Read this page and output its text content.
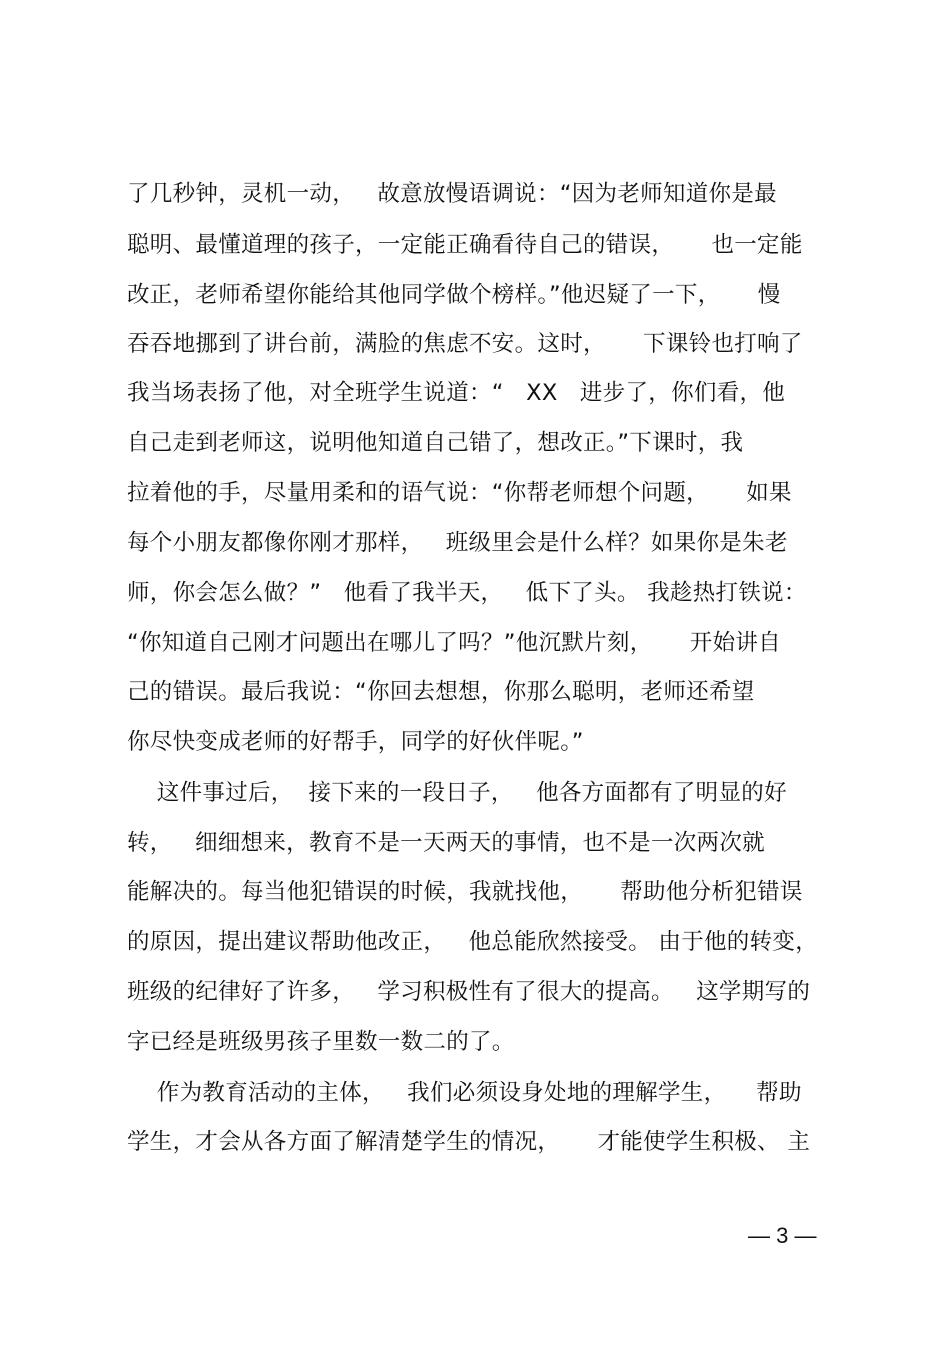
了几秒钟，灵机一动，   故意放慢语调说：“因为老师知道你是最
聪明、最懂道理的孩子，一定能正确看待自己的错误，     也一定能
改正，老师希望你能给其他同学做个榜样。”他迟疑了一下，     慢
吞吞地挪到了讲台前，满脸的焦虑不安。这时，     下课铃也打响了
我当场表扬了他，对全班学生说道：“   XX   进步了，你们看，他
自己走到老师这，说明他知道自己错了，想改正。”下课时，我
拉着他的手，尽量用柔和的语气说：“你帮老师想个问题，     如果
每个小朋友都像你刚才那样，   班级里会是什么样？如果你是朱老
师，你会怎么做？”   他看了我半天，   低下了头。 我趁热打铁说：
“你知道自己刚才问题出在哪儿了吗？”他沉默片刻，     开始讲自
己的错误。最后我说：“你回去想想，你那么聪明，老师还希望
你尽快变成老师的好帮手，同学的好伙伴呢。”
这件事过后，  接下来的一段日子，   他各方面都有了明显的好
转，   细细想来，教育不是一天两天的事情，也不是一次两次就
能解决的。每当他犯错误的时候，我就找他，     帮助他分析犯错误
的原因，提出建议帮助他改正，   他总能欣然接受。 由于他的转变，
班级的纪律好了许多，   学习积极性有了很大的提高。   这学期写的
字已经是班级男孩子里数一数二的了。
作为教育活动的主体，   我们必须设身处地的理解学生，    帮助
学生，才会从各方面了解清楚学生的情况，     才能使学生积极、 主
— 3 —
